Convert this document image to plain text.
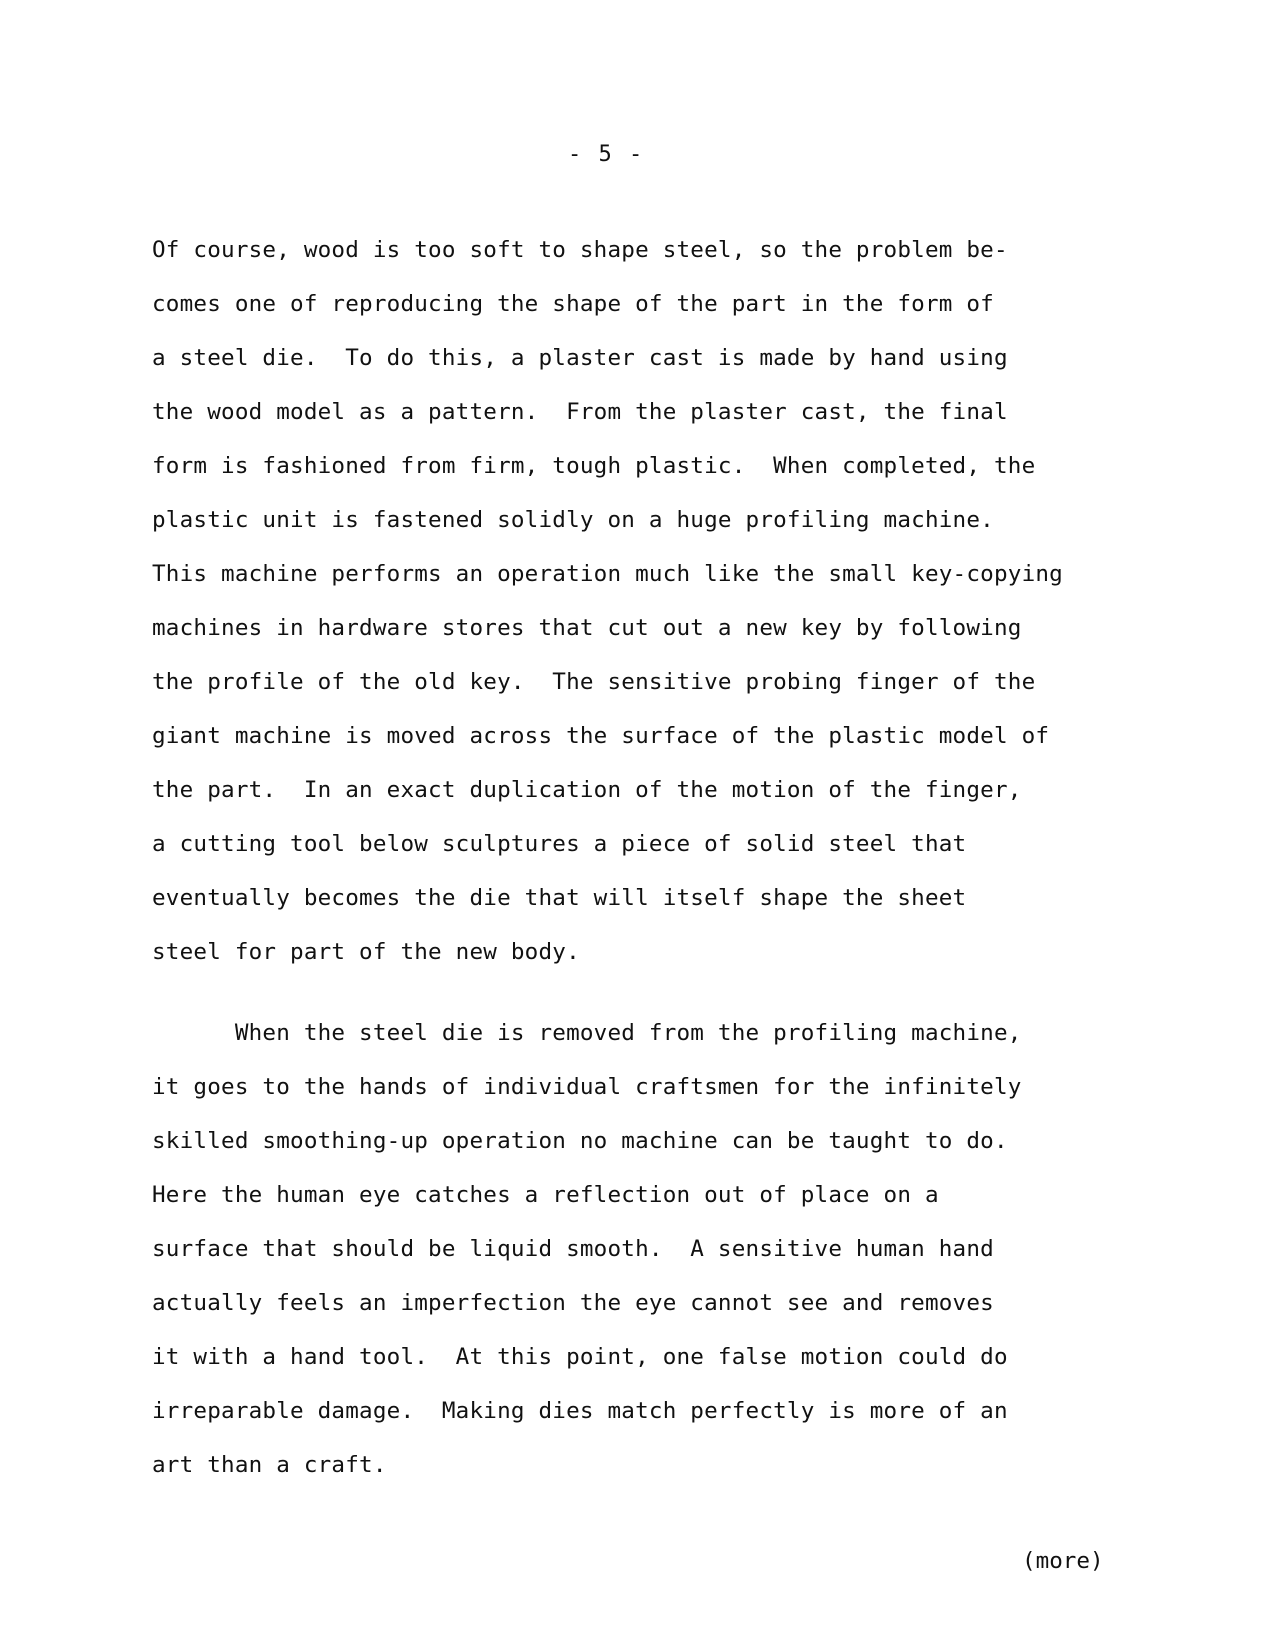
- 5 -
Of course, wood is too soft to shape steel, so the problem be-
comes one of reproducing the shape of the part in the form of
a steel die.  To do this, a plaster cast is made by hand using
the wood model as a pattern.  From the plaster cast, the final
form is fashioned from firm, tough plastic.  When completed, the
plastic unit is fastened solidly on a huge profiling machine.
This machine performs an operation much like the small key-copying
machines in hardware stores that cut out a new key by following
the profile of the old key.  The sensitive probing finger of the
giant machine is moved across the surface of the plastic model of
the part.  In an exact duplication of the motion of the finger,
a cutting tool below sculptures a piece of solid steel that
eventually becomes the die that will itself shape the sheet
steel for part of the new body.
When the steel die is removed from the profiling machine,
it goes to the hands of individual craftsmen for the infinitely
skilled smoothing-up operation no machine can be taught to do.
Here the human eye catches a reflection out of place on a
surface that should be liquid smooth.  A sensitive human hand
actually feels an imperfection the eye cannot see and removes
it with a hand tool.  At this point, one false motion could do
irreparable damage.  Making dies match perfectly is more of an
art than a craft.
(more)
